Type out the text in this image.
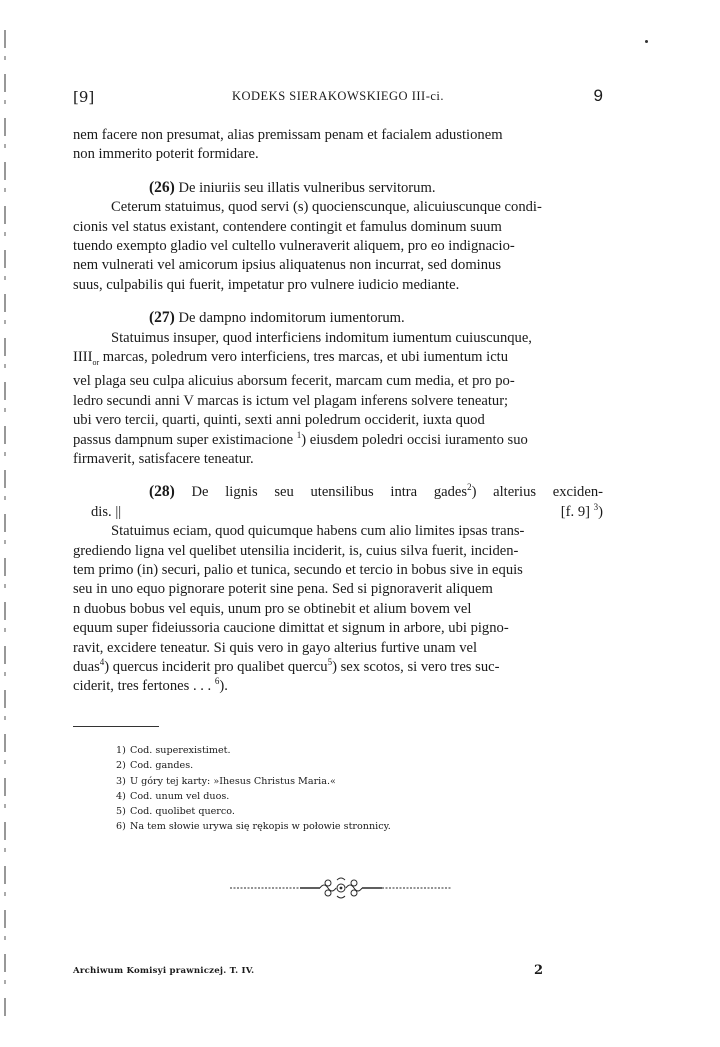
[9]	KODEKS SIERAKOWSKIEGO III-ci.	9

nem facere non presumat, alias premissam penam et facialem adustionem

non immerito poterit formidare.

(26) De iniuriis seu illatis vulneribus servitorum.

Ceterum statuimus, quod servi (s) quocienscunque, alicuiuscunque condi-

cionis vel status existant, contendere contingit et famulus dominum suum

tuendo exempto gladio vel cultello vulneraverit aliquem, pro eo indignacio-

nem vulnerati vel amicorum ipsius aliquatenus non incurrat, sed dominus

suus, culpabilis qui fuerit, impetatur pro vulnere iudicio mediante.

(27) De dampno indomitorum iumentorum.

Statuimus insuper, quod interficiens indomitum iumentum cuiuscunque,

$IIII_{or}$ marcas, poledrum vero interficiens, tres marcas, et ubi iumentum ictu

vel plaga seu culpa alicuius aborsum fecerit, marcam cum media, et pro po-

ledro secundi anni V marcas is ictum vel plagam inferens solvere teneatur;

ubi vero tercii, quarti, quinti, sexti anni poledrum occiderit, iuxta quod

passus dampnum super existimacione $^1$) eiusdem poledri occisi iuramento suo

firmaverit, satisfacere teneatur.

(28) De lignis seu utensilibus intra gades$^2$) alterius exciden-

dis. ||	[f. 9] $^3$)

Statuimus eciam, quod quicumque habens cum alio limites ipsas trans-

grediendo ligna vel quelibet utensilia inciderit, is, cuius silva fuerit, inciden-

tem primo (in) securi, palio et tunica, secundo et tercio in bobus sive in equis

seu in uno equo pignorare poterit sine pena. Sed si pignoraverit aliquem

n duobus bobus vel equis, unum pro se obtinebit et alium bovem vel

equum super fideiussoria caucione dimittat et signum in arbore, ubi pigno-

ravit, excidere teneatur. Si quis vero in gayo alterius furtive unam vel

duas$^4$) quercus inciderit pro qualibet quercu$^5$) sex scotos, si vero tres suc-

ciderit, tres fertones . . . $^6$).

1) Cod. superexistimet.

2) Cod. gandes.

3) U góry tej karty: »Ihesus Christus Maria.«

4) Cod. unum vel duos.

5) Cod. quolibet querco.

6) Na tem słowie urywa się rękopis w połowie stronnicy.

Archiwum Komisyi prawniczej. T. IV.	2
